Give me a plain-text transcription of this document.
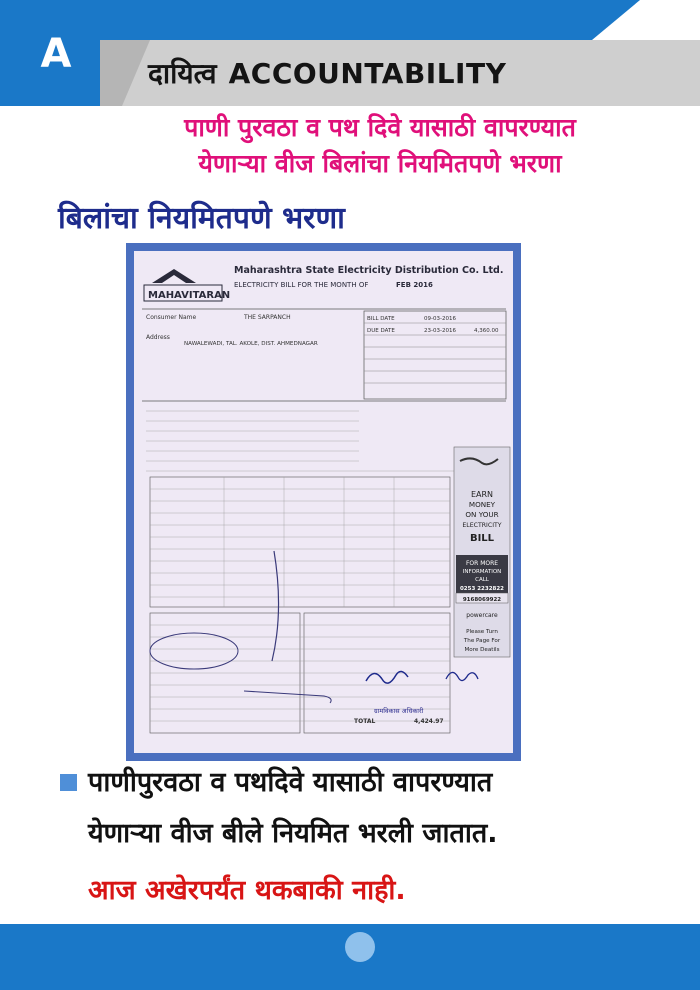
A	दायित्व ACCOUNTABILITY
पाणी पुरवठा व पथ दिवे यासाठी वापरण्यात
येणाऱ्या वीज बिलांचा नियमितपणे भरणा
बिलांचा नियमितपणे भरणा
MAHAVITARAN
Maharashtra State Electricity Distribution Co. Ltd.
ELECTRICITY BILL FOR THE MONTH OF	FEB 2016
Consumer Name	THE SARPANCH
Address
NAWALEWADI, TAL. AKOLE, DIST. AHMEDNAGAR
BILL DATE	09-03-2016
DUE DATE	23-03-2016	4,360.00
TOTAL	4,424.97
ग्रामविकास अधिकारी
EARN
MONEY
ON YOUR
ELECTRICITY
BILL
FOR MORE
INFORMATION
CALL
0253 2232822
9168069922
powercare
Please Turn
The Page For
More Deatils
पाणीपुरवठा व पथदिवे यासाठी वापरण्यात
येणाऱ्या वीज बीले नियमित भरली जातात.
आज अखेरपर्यंत थकबाकी नाही.
